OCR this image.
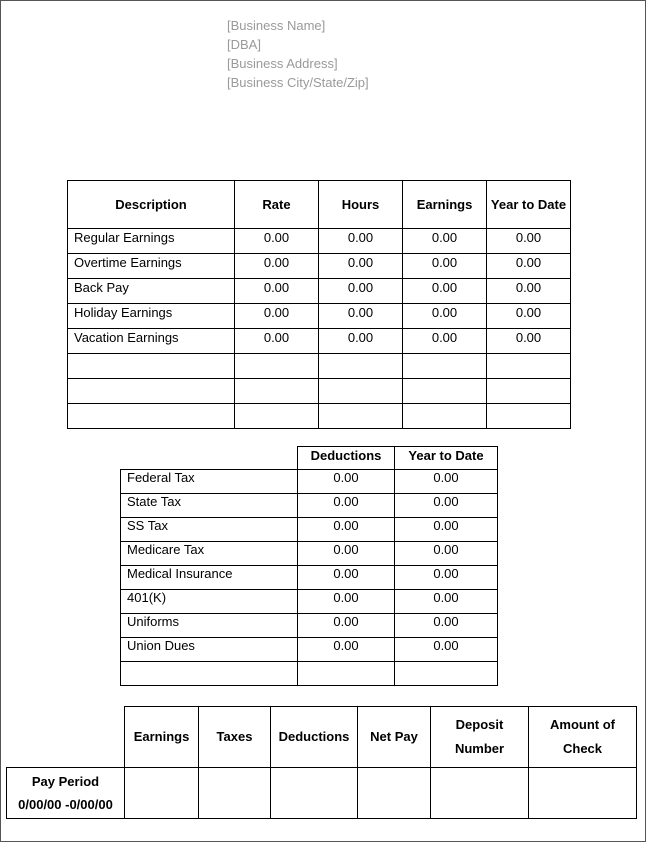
[Business Name]
[DBA]
[Business Address]
[Business City/State/Zip]
Description	Rate	Hours	Earnings	Year to Date
Regular Earnings	0.00	0.00	0.00	0.00
Overtime Earnings	0.00	0.00	0.00	0.00
Back Pay	0.00	0.00	0.00	0.00
Holiday Earnings	0.00	0.00	0.00	0.00
Vacation Earnings	0.00	0.00	0.00	0.00

	Deductions	Year to Date
Federal Tax	0.00	0.00
State Tax	0.00	0.00
SS Tax	0.00	0.00
Medicare Tax	0.00	0.00
Medical Insurance	0.00	0.00
401(K)	0.00	0.00
Uniforms	0.00	0.00
Union Dues	0.00	0.00

	Earnings	Taxes	Deductions	Net Pay	Deposit Number	Amount of Check

Pay Period
0/00/00 -0/00/00						
